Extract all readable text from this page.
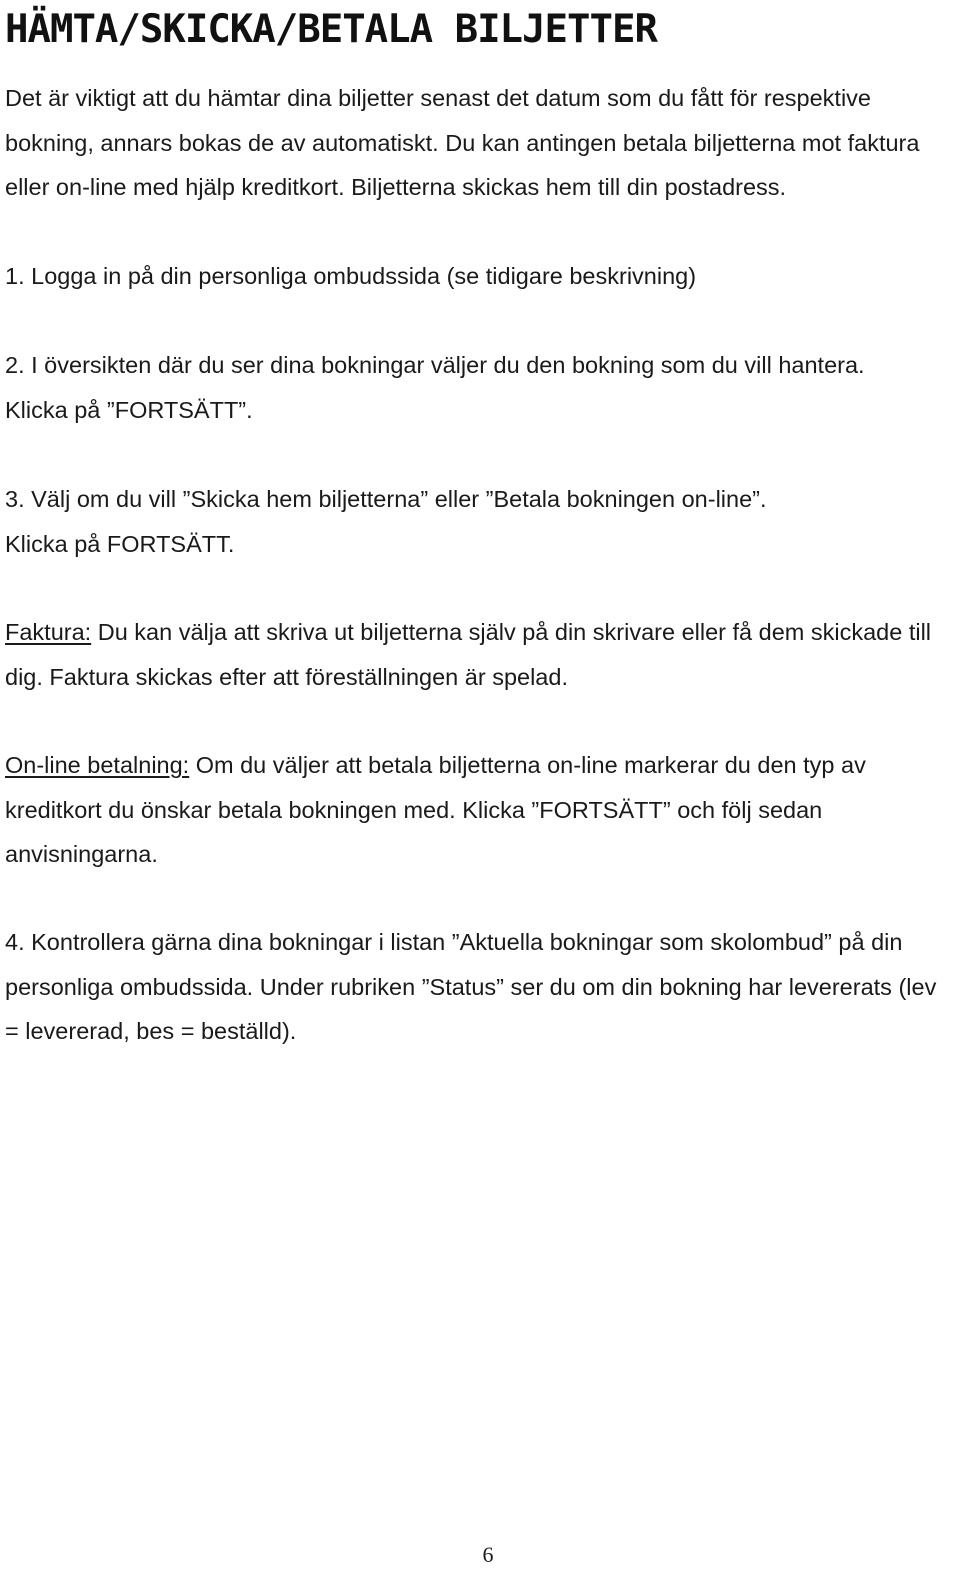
HÄMTA/SKICKA/BETALA BILJETTER

Det är viktigt att du hämtar dina biljetter senast det datum som du fått för respektive bokning, annars bokas de av automatiskt. Du kan antingen betala biljetterna mot faktura eller on-line med hjälp kreditkort. Biljetterna skickas hem till din postadress.

1. Logga in på din personliga ombudssida (se tidigare beskrivning)

2. I översikten där du ser dina bokningar väljer du den bokning som du vill hantera.
Klicka på ”FORTSÄTT”.
3. Välj om du vill ”Skicka hem biljetterna” eller ”Betala bokningen on-line”.
Klicka på FORTSÄTT.

Faktura: Du kan välja att skriva ut biljetterna själv på din skrivare eller få dem skickade till dig. Faktura skickas efter att föreställningen är spelad.

On-line betalning: Om du väljer att betala biljetterna on-line markerar du den typ av kreditkort du önskar betala bokningen med. Klicka ”FORTSÄTT” och följ sedan anvisningarna.

4. Kontrollera gärna dina bokningar i listan ”Aktuella bokningar som skolombud” på din personliga ombudssida. Under rubriken ”Status” ser du om din bokning har levererats (lev = levererad, bes = beställd).

6
